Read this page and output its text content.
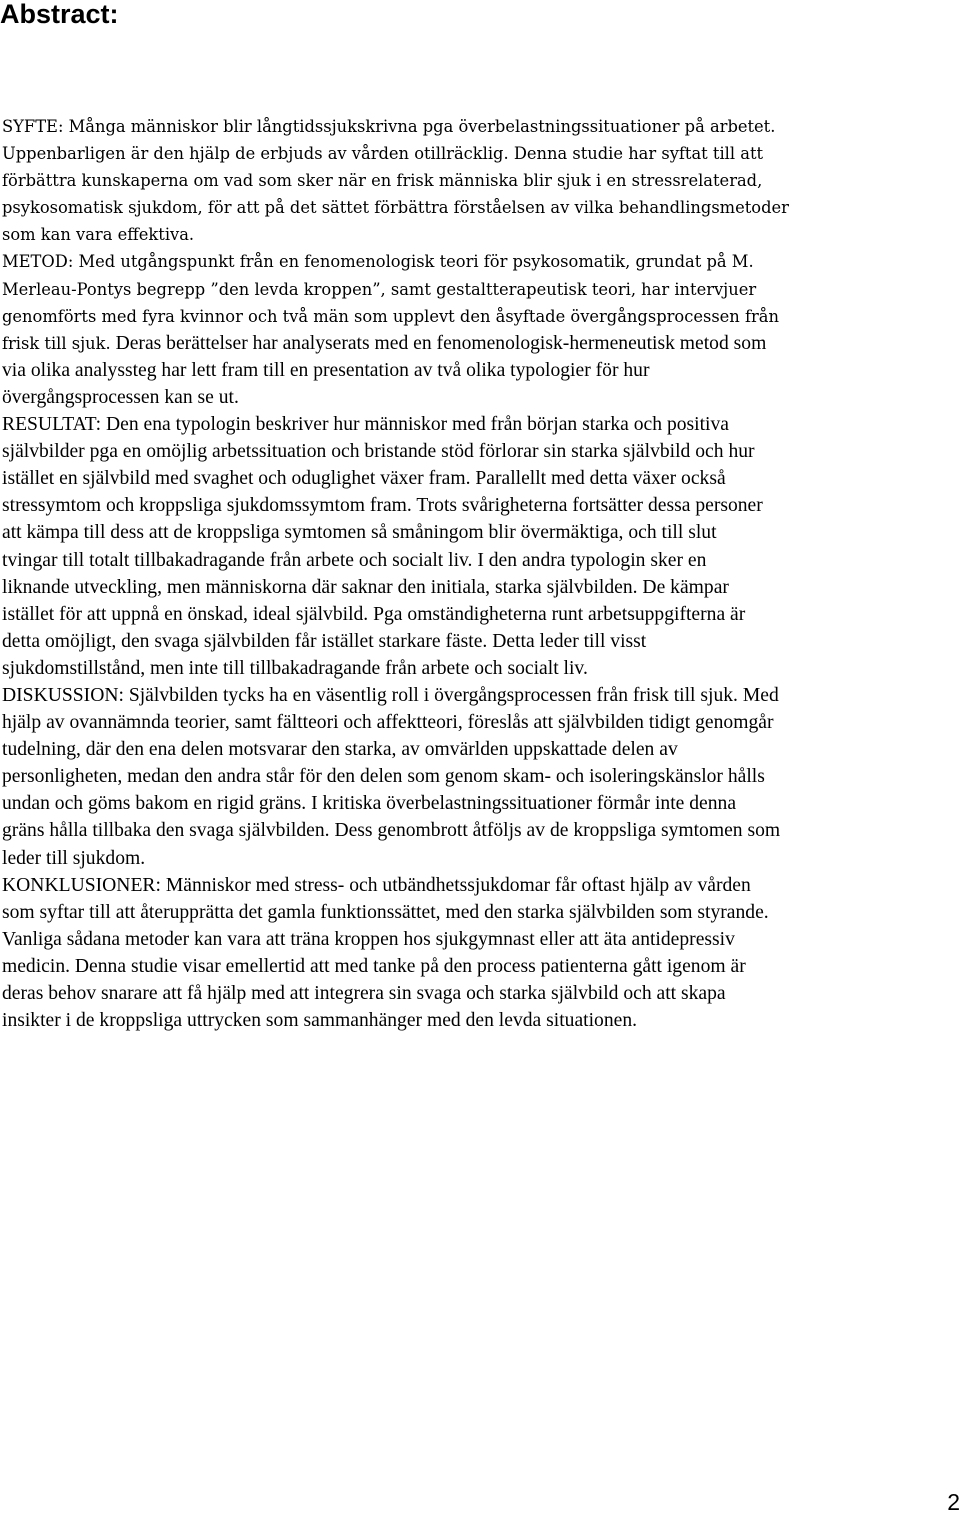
Abstract:
SYFTE: Många människor blir långtidssjukskrivna pga överbelastningssituationer på arbetet.
Uppenbarligen är den hjälp de erbjuds av vården otillräcklig. Denna studie har syftat till att
förbättra kunskaperna om vad som sker när en frisk människa blir sjuk i en stressrelaterad,
psykosomatisk sjukdom, för att på det sättet förbättra förståelsen av vilka behandlingsmetoder
som kan vara effektiva.
METOD: Med utgångspunkt från en fenomenologisk teori för psykosomatik, grundat på M.
Merleau-Pontys begrepp ”den levda kroppen”, samt gestaltterapeutisk teori, har intervjuer
genomförts med fyra kvinnor och två män som upplevt den åsyftade övergångsprocessen från
frisk till sjuk. Deras berättelser har analyserats med en fenomenologisk-hermeneutisk metod som
via olika analyssteg har lett fram till en presentation av två olika typologier för hur
övergångsprocessen kan se ut.
RESULTAT: Den ena typologin beskriver hur människor med från början starka och positiva
självbilder pga en omöjlig arbetssituation och bristande stöd förlorar sin starka självbild och hur
istället en självbild med svaghet och oduglighet växer fram. Parallellt med detta växer också
stressymtom och kroppsliga sjukdomssymtom fram. Trots svårigheterna fortsätter dessa personer
att kämpa till dess att de kroppsliga symtomen så småningom blir övermäktiga, och till slut
tvingar till totalt tillbakadragande från arbete och socialt liv. I den andra typologin sker en
liknande utveckling, men människorna där saknar den initiala, starka självbilden. De kämpar
istället för att uppnå en önskad, ideal självbild. Pga omständigheterna runt arbetsuppgifterna är
detta omöjligt, den svaga självbilden får istället starkare fäste. Detta leder till visst
sjukdomstillstånd, men inte till tillbakadragande från arbete och socialt liv.
DISKUSSION: Självbilden tycks ha en väsentlig roll i övergångsprocessen från frisk till sjuk. Med
hjälp av ovannämnda teorier, samt fältteori och affektteori, föreslås att självbilden tidigt genomgår
tudelning, där den ena delen motsvarar den starka, av omvärlden uppskattade delen av
personligheten, medan den andra står för den delen som genom skam- och isoleringskänslor hålls
undan och göms bakom en rigid gräns. I kritiska överbelastningssituationer förmår inte denna
gräns hålla tillbaka den svaga självbilden. Dess genombrott åtföljs av de kroppsliga symtomen som
leder till sjukdom.
KONKLUSIONER: Människor med stress- och utbändhetssjukdomar får oftast hjälp av vården
som syftar till att återupprätta det gamla funktionssättet, med den starka självbilden som styrande.
Vanliga sådana metoder kan vara att träna kroppen hos sjukgymnast eller att äta antidepressiv
medicin. Denna studie visar emellertid att med tanke på den process patienterna gått igenom är
deras behov snarare att få hjälp med att integrera sin svaga och starka självbild och att skapa
insikter i de kroppsliga uttrycken som sammanhänger med den levda situationen.
2
